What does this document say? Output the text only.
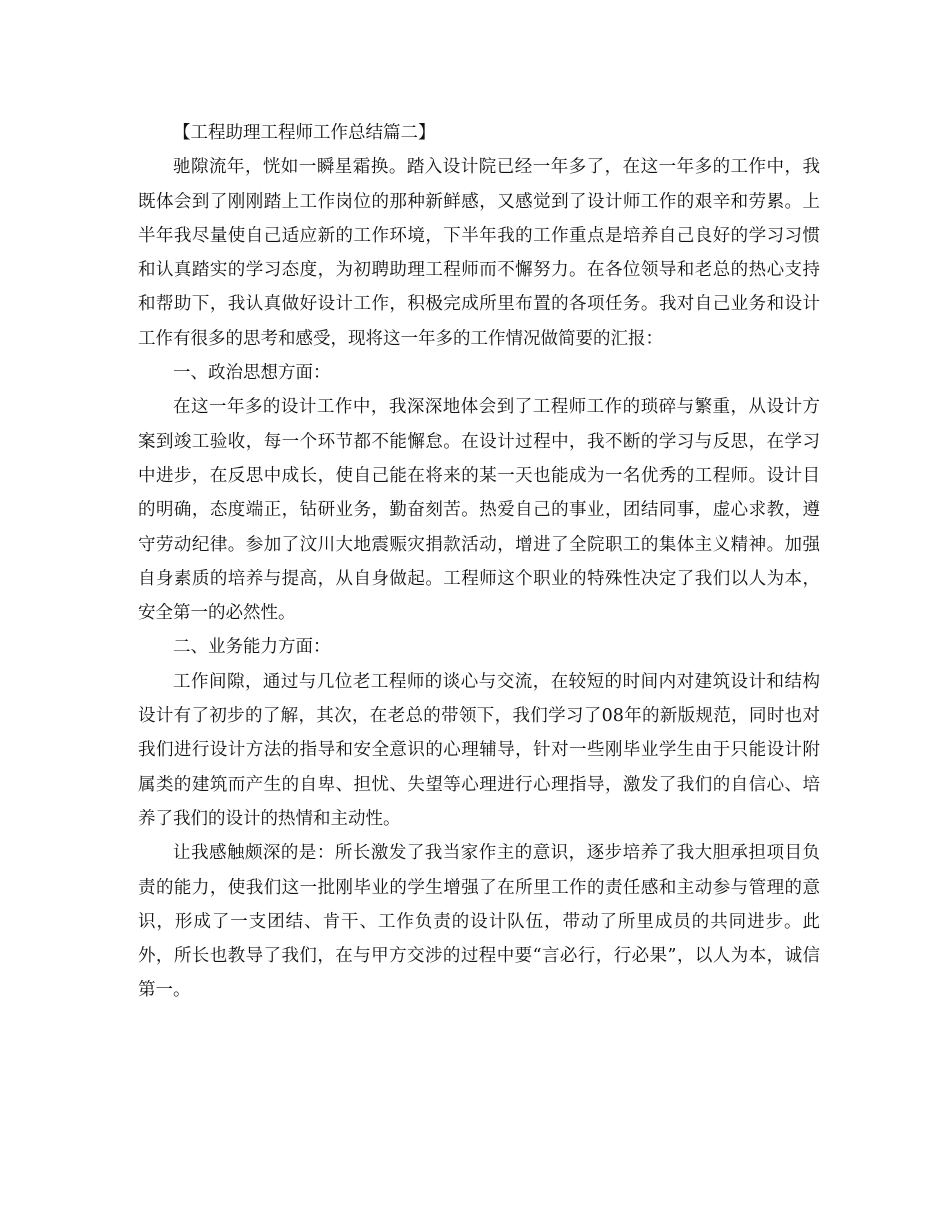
【工程助理工程师工作总结篇二】

驰隙流年，恍如一瞬星霜换。踏入设计院已经一年多了，在这一年多的工作中，我既体会到了刚刚踏上工作岗位的那种新鲜感，又感觉到了设计师工作的艰辛和劳累。上半年我尽量使自己适应新的工作环境，下半年我的工作重点是培养自己良好的学习习惯和认真踏实的学习态度，为初聘助理工程师而不懈努力。在各位领导和老总的热心支持和帮助下，我认真做好设计工作，积极完成所里布置的各项任务。我对自己业务和设计工作有很多的思考和感受，现将这一年多的工作情况做简要的汇报：

一、政治思想方面：

在这一年多的设计工作中，我深深地体会到了工程师工作的琐碎与繁重，从设计方案到竣工验收，每一个环节都不能懈怠。在设计过程中，我不断的学习与反思，在学习中进步，在反思中成长，使自己能在将来的某一天也能成为一名优秀的工程师。设计目的明确，态度端正，钻研业务，勤奋刻苦。热爱自己的事业，团结同事，虚心求教，遵守劳动纪律。参加了汶川大地震赈灾捐款活动，增进了全院职工的集体主义精神。加强自身素质的培养与提高，从自身做起。工程师这个职业的特殊性决定了我们以人为本，安全第一的必然性。

二、业务能力方面：

工作间隙，通过与几位老工程师的谈心与交流，在较短的时间内对建筑设计和结构设计有了初步的了解，其次，在老总的带领下，我们学习了08年的新版规范，同时也对我们进行设计方法的指导和安全意识的心理辅导，针对一些刚毕业学生由于只能设计附属类的建筑而产生的自卑、担忧、失望等心理进行心理指导，激发了我们的自信心、培养了我们的设计的热情和主动性。

让我感触颇深的是：所长激发了我当家作主的意识，逐步培养了我大胆承担项目负责的能力，使我们这一批刚毕业的学生增强了在所里工作的责任感和主动参与管理的意识，形成了一支团结、肯干、工作负责的设计队伍，带动了所里成员的共同进步。此外，所长也教导了我们，在与甲方交涉的过程中要“言必行，行必果”，以人为本，诚信第一。
